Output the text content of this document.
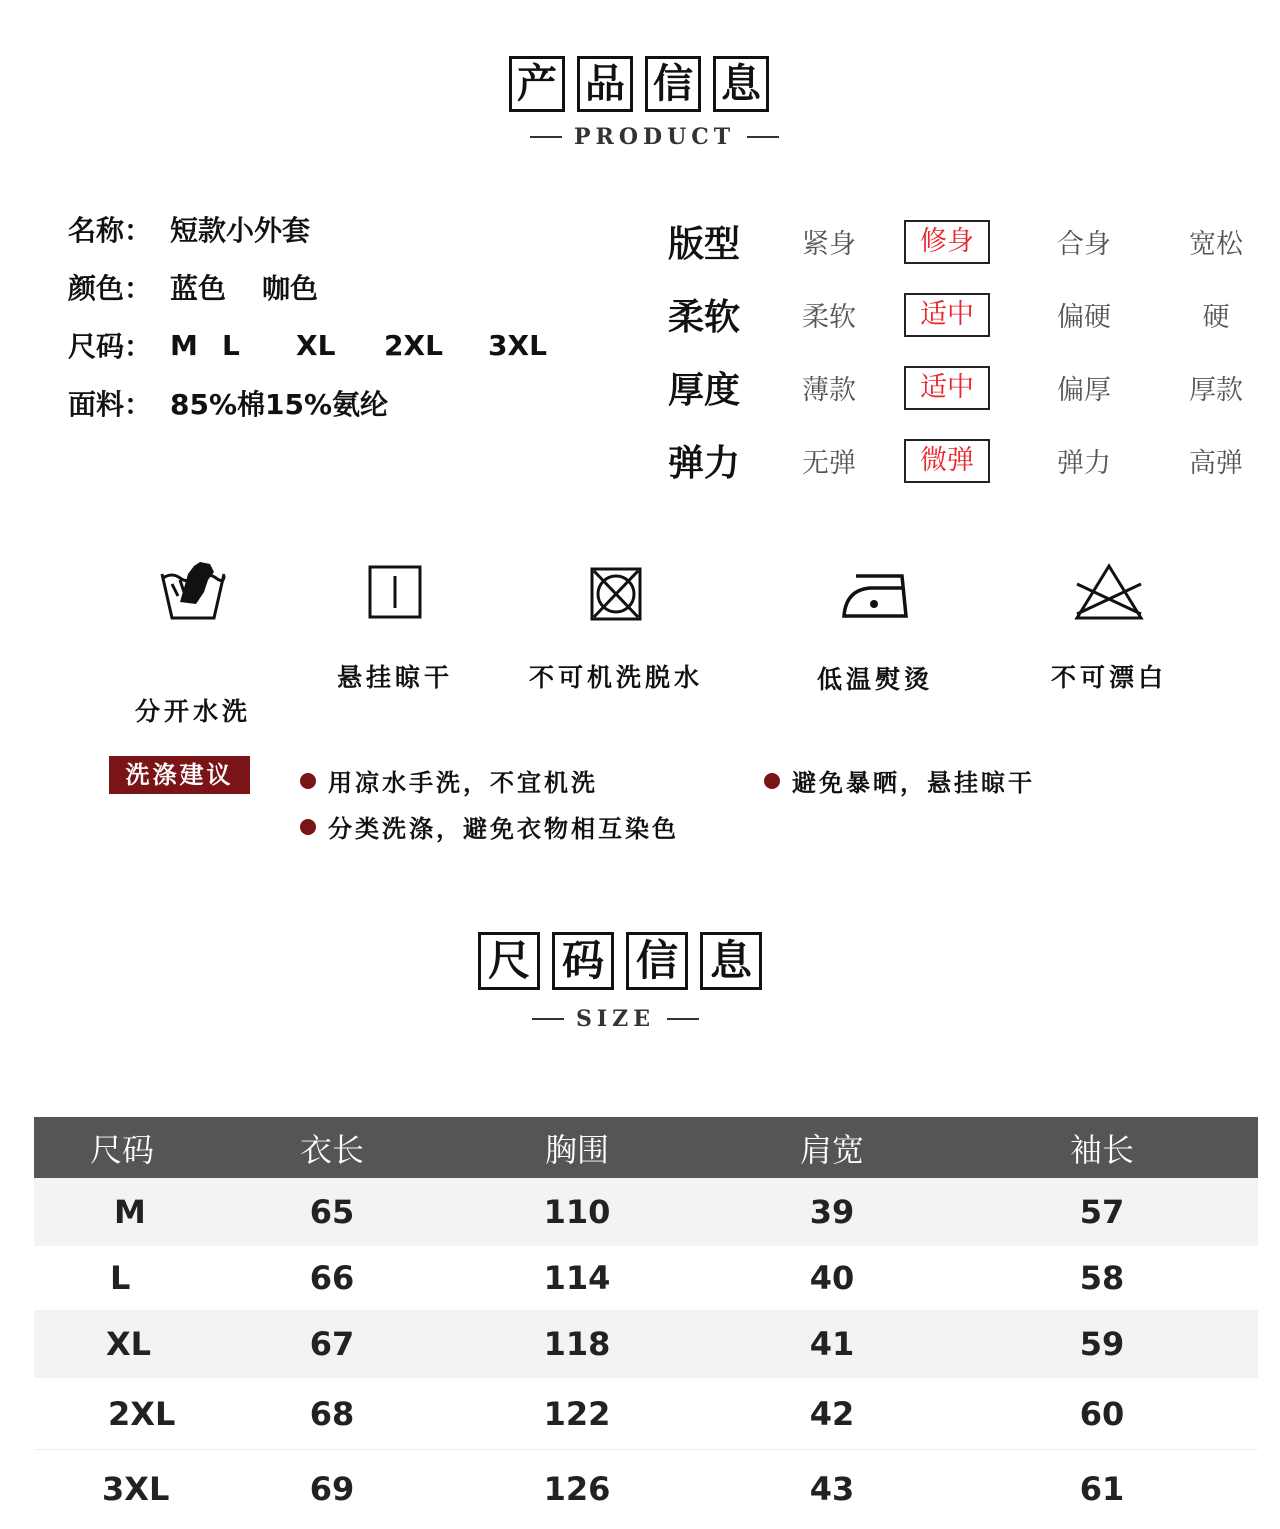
产 品 信 息
PRODUCT
名称： 短款小外套
颜色： 蓝色 咖色
尺码： M L	XL	2XL	3XL
面料： 85%棉15%氨纶
版型	紧身	修身	合身	宽松
柔软	柔软	适中	偏硬	硬
厚度	薄款	适中	偏厚	厚款
弹力	无弹	微弹	弹力	高弹
分开水洗
悬挂晾干	不可机洗脱水	低温熨烫	不可漂白
洗涤建议	用凉水手洗，不宜机洗	避免暴晒，悬挂晾干
分类洗涤，避免衣物相互染色
尺 码 信 息
SIZE
尺码	衣长	胸围	肩宽	袖长
M	65	110	39	57
L	66	114	40	58
XL	67	118	41	59
2XL	68	122	42	60
3XL	69	126	43	61
